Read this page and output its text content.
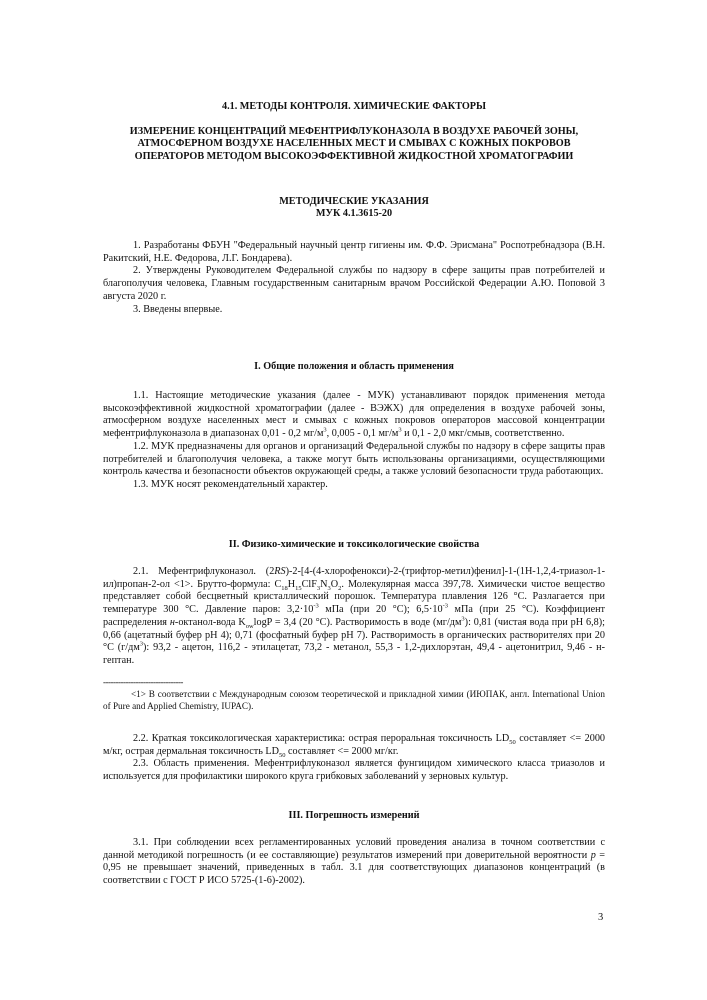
4.1. МЕТОДЫ КОНТРОЛЯ. ХИМИЧЕСКИЕ ФАКТОРЫ
ИЗМЕРЕНИЕ КОНЦЕНТРАЦИЙ МЕФЕНТРИФЛУКОНАЗОЛА В ВОЗДУХЕ РАБОЧЕЙ ЗОНЫ, АТМОСФЕРНОМ ВОЗДУХЕ НАСЕЛЕННЫХ МЕСТ И СМЫВАХ С КОЖНЫХ ПОКРОВОВ ОПЕРАТОРОВ МЕТОДОМ ВЫСОКОЭФФЕКТИВНОЙ ЖИДКОСТНОЙ ХРОМАТОГРАФИИ
МЕТОДИЧЕСКИЕ УКАЗАНИЯ
МУК 4.1.3615-20

1. Разработаны ФБУН "Федеральный научный центр гигиены им. Ф.Ф. Эрисмана" Роспотребнадзора (В.Н. Ракитский, Н.Е. Федорова, Л.Г. Бондарева).

2. Утверждены Руководителем Федеральной службы по надзору в сфере защиты прав потребителей и благополучия человека, Главным государственным санитарным врачом Российской Федерации А.Ю. Поповой 3 августа 2020 г.

3. Введены впервые.

I. Общие положения и область применения

1.1. Настоящие методические указания (далее - МУК) устанавливают порядок применения метода высокоэффективной жидкостной хроматографии (далее - ВЭЖХ) для определения в воздухе рабочей зоны, атмосферном воздухе населенных мест и смывах с кожных покровов операторов массовой концентрации мефентрифлуконазола в диапазонах 0,01 - 0,2 $мг/м^3$, 0,005 - 0,1 $мг/м^3$ и 0,1 - 2,0 мкг/смыв, соответственно.

1.2. МУК предназначены для органов и организаций Федеральной службы по надзору в сфере защиты прав потребителей и благополучия человека, а также могут быть использованы организациями, осуществляющими контроль качества и безопасности объектов окружающей среды, а также условий безопасности труда работающих.

1.3. МУК носят рекомендательный характер.

II. Физико-химические и токсикологические свойства

2.1. Мефентрифлуконазол. (2RS)-2-[4-(4-хлорофенокси)-2-(трифтор-метил)фенил]-1-(1Н-1,2,4-триазол-1-ил)пропан-2-ол <1>. Брутто-формула: $C_{18}H_{15}ClF_3N_3O_2$. Молекулярная масса 397,78. Химически чистое вещество представляет собой бесцветный кристаллический порошок. Температура плавления 126 °С. Разлагается при температуре 300 °С. Давление паров: $3,2\cdot 10^{-3}$ мПа (при 20 °С); $6,5\cdot 10^{-3}$ мПа (при 25 °С). Коэффициент распределения н-октанол-вода $K_{ow}\log P = 3,4$ (20 °С). Растворимость в воде $(мг/дм^3)$: 0,81 (чистая вода при pH 6,8); 0,66 (ацетатный буфер pH 4); 0,71 (фосфатный буфер pH 7). Растворимость в органических растворителях при 20 °С $(г/дм^3)$: 93,2 - ацетон, 116,2 - этилацетат, 73,2 - метанол, 55,3 - 1,2-дихлорэтан, 49,4 - ацетонитрил, 9,46 - н-гептан.

--------------------------------

<1> В соответствии с Международным союзом теоретической и прикладной химии (ИЮПАК, англ. International Union of Pure and Applied Chemistry, IUPAC).

2.2. Краткая токсикологическая характеристика: острая пероральная токсичность $LD_{50}$ составляет <= 2000 м/кг, острая дермальная токсичность $LD_{50}$ составляет <= 2000 мг/кг.

2.3. Область применения. Мефентрифлуконазол является фунгицидом химического класса триазолов и используется для профилактики широкого круга грибковых заболеваний у зерновых культур.

III. Погрешность измерений

3.1. При соблюдении всех регламентированных условий проведения анализа в точном соответствии с данной методикой погрешность (и ее составляющие) результатов измерений при доверительной вероятности р = 0,95 не превышает значений, приведенных в табл. 3.1 для соответствующих диапазонов концентраций (в соответствии с ГОСТ Р ИСО 5725-(1-6)-2002).

3
